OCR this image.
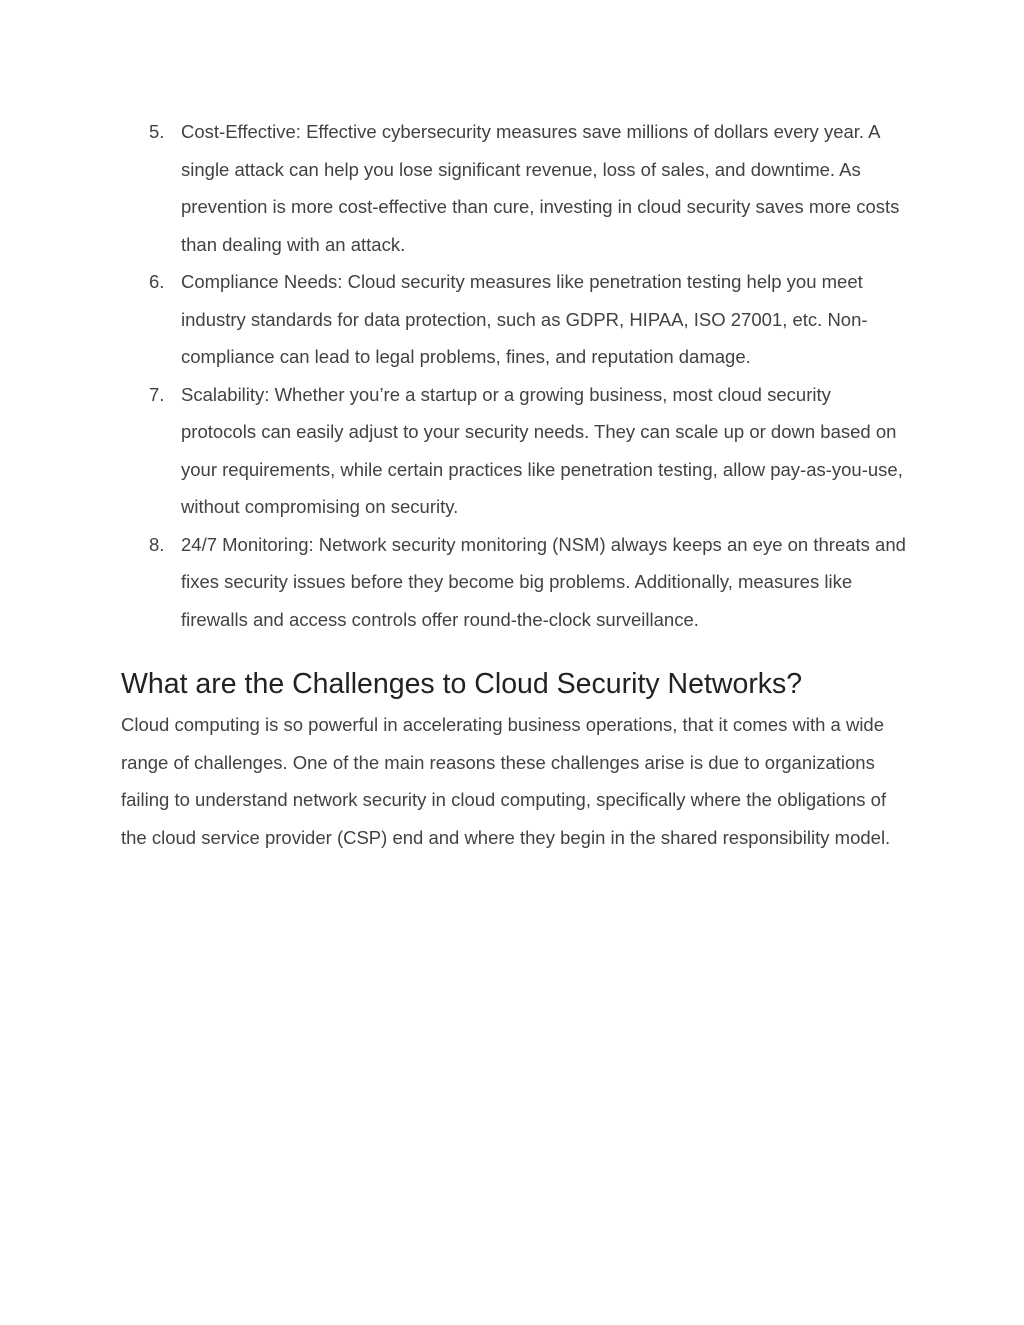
5. Cost-Effective: Effective cybersecurity measures save millions of dollars every year. A single attack can help you lose significant revenue, loss of sales, and downtime. As prevention is more cost-effective than cure, investing in cloud security saves more costs than dealing with an attack.
6. Compliance Needs: Cloud security measures like penetration testing help you meet industry standards for data protection, such as GDPR, HIPAA, ISO 27001, etc. Non-compliance can lead to legal problems, fines, and reputation damage.
7. Scalability: Whether you’re a startup or a growing business, most cloud security protocols can easily adjust to your security needs. They can scale up or down based on your requirements, while certain practices like penetration testing, allow pay-as-you-use, without compromising on security.
8. 24/7 Monitoring: Network security monitoring (NSM) always keeps an eye on threats and fixes security issues before they become big problems. Additionally, measures like firewalls and access controls offer round-the-clock surveillance.
What are the Challenges to Cloud Security Networks?

Cloud computing is so powerful in accelerating business operations, that it comes with a wide range of challenges. One of the main reasons these challenges arise is due to organizations failing to understand network security in cloud computing, specifically where the obligations of the cloud service provider (CSP) end and where they begin in the shared responsibility model.
